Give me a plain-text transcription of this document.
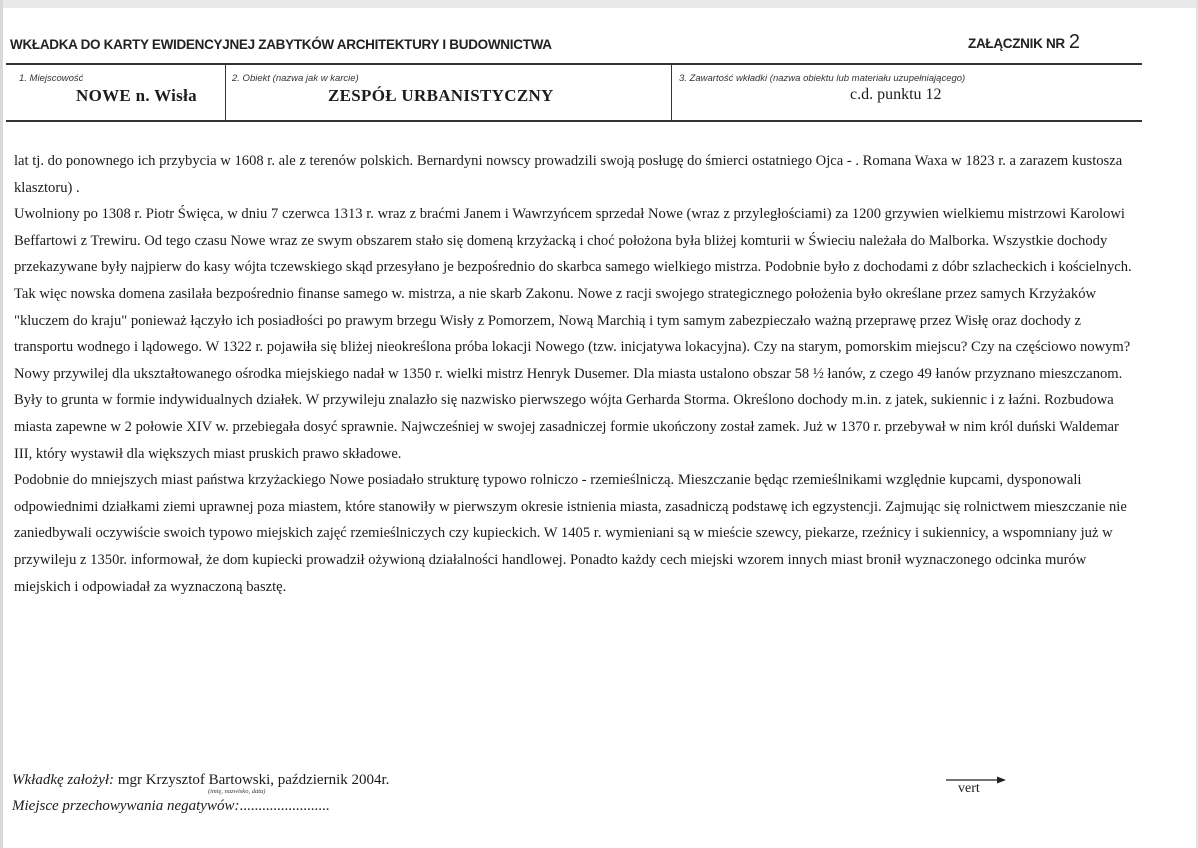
WKŁADKA DO KARTY EWIDENCYJNEJ ZABYTKÓW ARCHITEKTURY I BUDOWNICTWA	ZAŁĄCZNIK NR 2
1. Miejscowość
NOWE n. Wisła
2. Obiekt (nazwa jak w karcie)
ZESPÓŁ URBANISTYCZNY
3. Zawartość wkładki (nazwa obiektu lub materiału uzupełniającego)
c.d. punktu 12

lat tj. do ponownego ich przybycia w 1608 r. ale z terenów polskich. Bernardyni nowscy prowadzili swoją posługę do śmierci ostatniego Ojca - . Romana Waxa w 1823 r. a zarazem kustosza klasztoru) .

Uwolniony po 1308 r. Piotr Święca, w dniu 7 czerwca 1313 r. wraz z braćmi Janem i Wawrzyńcem sprzedał Nowe (wraz z przyległościami) za 1200 grzywien wielkiemu mistrzowi Karolowi Beffartowi z Trewiru. Od tego czasu Nowe wraz ze swym obszarem stało się domeną krzyżacką i choć położona była bliżej komturii w Świeciu należała do Malborka. Wszystkie dochody przekazywane były najpierw do kasy wójta tczewskiego skąd przesyłano je bezpośrednio do skarbca samego wielkiego mistrza. Podobnie było z dochodami z dóbr szlacheckich i kościelnych.

Tak więc nowska domena zasilała bezpośrednio finanse samego w. mistrza, a nie skarb Zakonu. Nowe z racji swojego strategicznego położenia było określane przez samych Krzyżaków "kluczem do kraju" ponieważ łączyło ich posiadłości po prawym brzegu Wisły z Pomorzem, Nową Marchią i tym samym zabezpieczało ważną przeprawę przez Wisłę oraz dochody z transportu wodnego i lądowego. W 1322 r. pojawiła się bliżej nieokreślona próba lokacji Nowego (tzw. inicjatywa lokacyjna). Czy na starym, pomorskim miejscu? Czy na częściowo nowym?

Nowy przywilej dla ukształtowanego ośrodka miejskiego nadał w 1350 r. wielki mistrz Henryk Dusemer. Dla miasta ustalono obszar 58 ½ łanów, z czego 49 łanów przyznano mieszczanom. Były to grunta w formie indywidualnych działek. W przywileju znalazło się nazwisko pierwszego wójta Gerharda Storma. Określono dochody m.in. z jatek, sukiennic i z łaźni. Rozbudowa miasta zapewne w 2 połowie XIV w. przebiegała dosyć sprawnie. Najwcześniej w swojej zasadniczej formie ukończony został zamek. Już w 1370 r. przebywał w nim król duński Waldemar III, który wystawił dla większych miast pruskich prawo składowe.

Podobnie do mniejszych miast państwa krzyżackiego Nowe posiadało strukturę typowo rolniczo - rzemieślniczą. Mieszczanie będąc rzemieślnikami względnie kupcami, dysponowali odpowiednimi działkami ziemi uprawnej poza miastem, które stanowiły w pierwszym okresie istnienia miasta, zasadniczą podstawę ich egzystencji. Zajmując się rolnictwem mieszczanie nie zaniedbywali oczywiście swoich typowo miejskich zajęć rzemieślniczych czy kupieckich. W 1405 r. wymieniani są w mieście szewcy, piekarze, rzeźnicy i sukiennicy, a wspomniany już w przywileju z 1350r. informował, że dom kupiecki prowadził ożywioną działalności handlowej. Ponadto każdy cech miejski wzorem innych miast bronił wyznaczonego odcinka murów miejskich i odpowiadał za wyznaczoną basztę.

Wkładkę założył: mgr Krzysztof Bartowski, październik 2004r.
(imię, nazwisko, data)
Miejsce przechowywania negatywów:........................
vert
